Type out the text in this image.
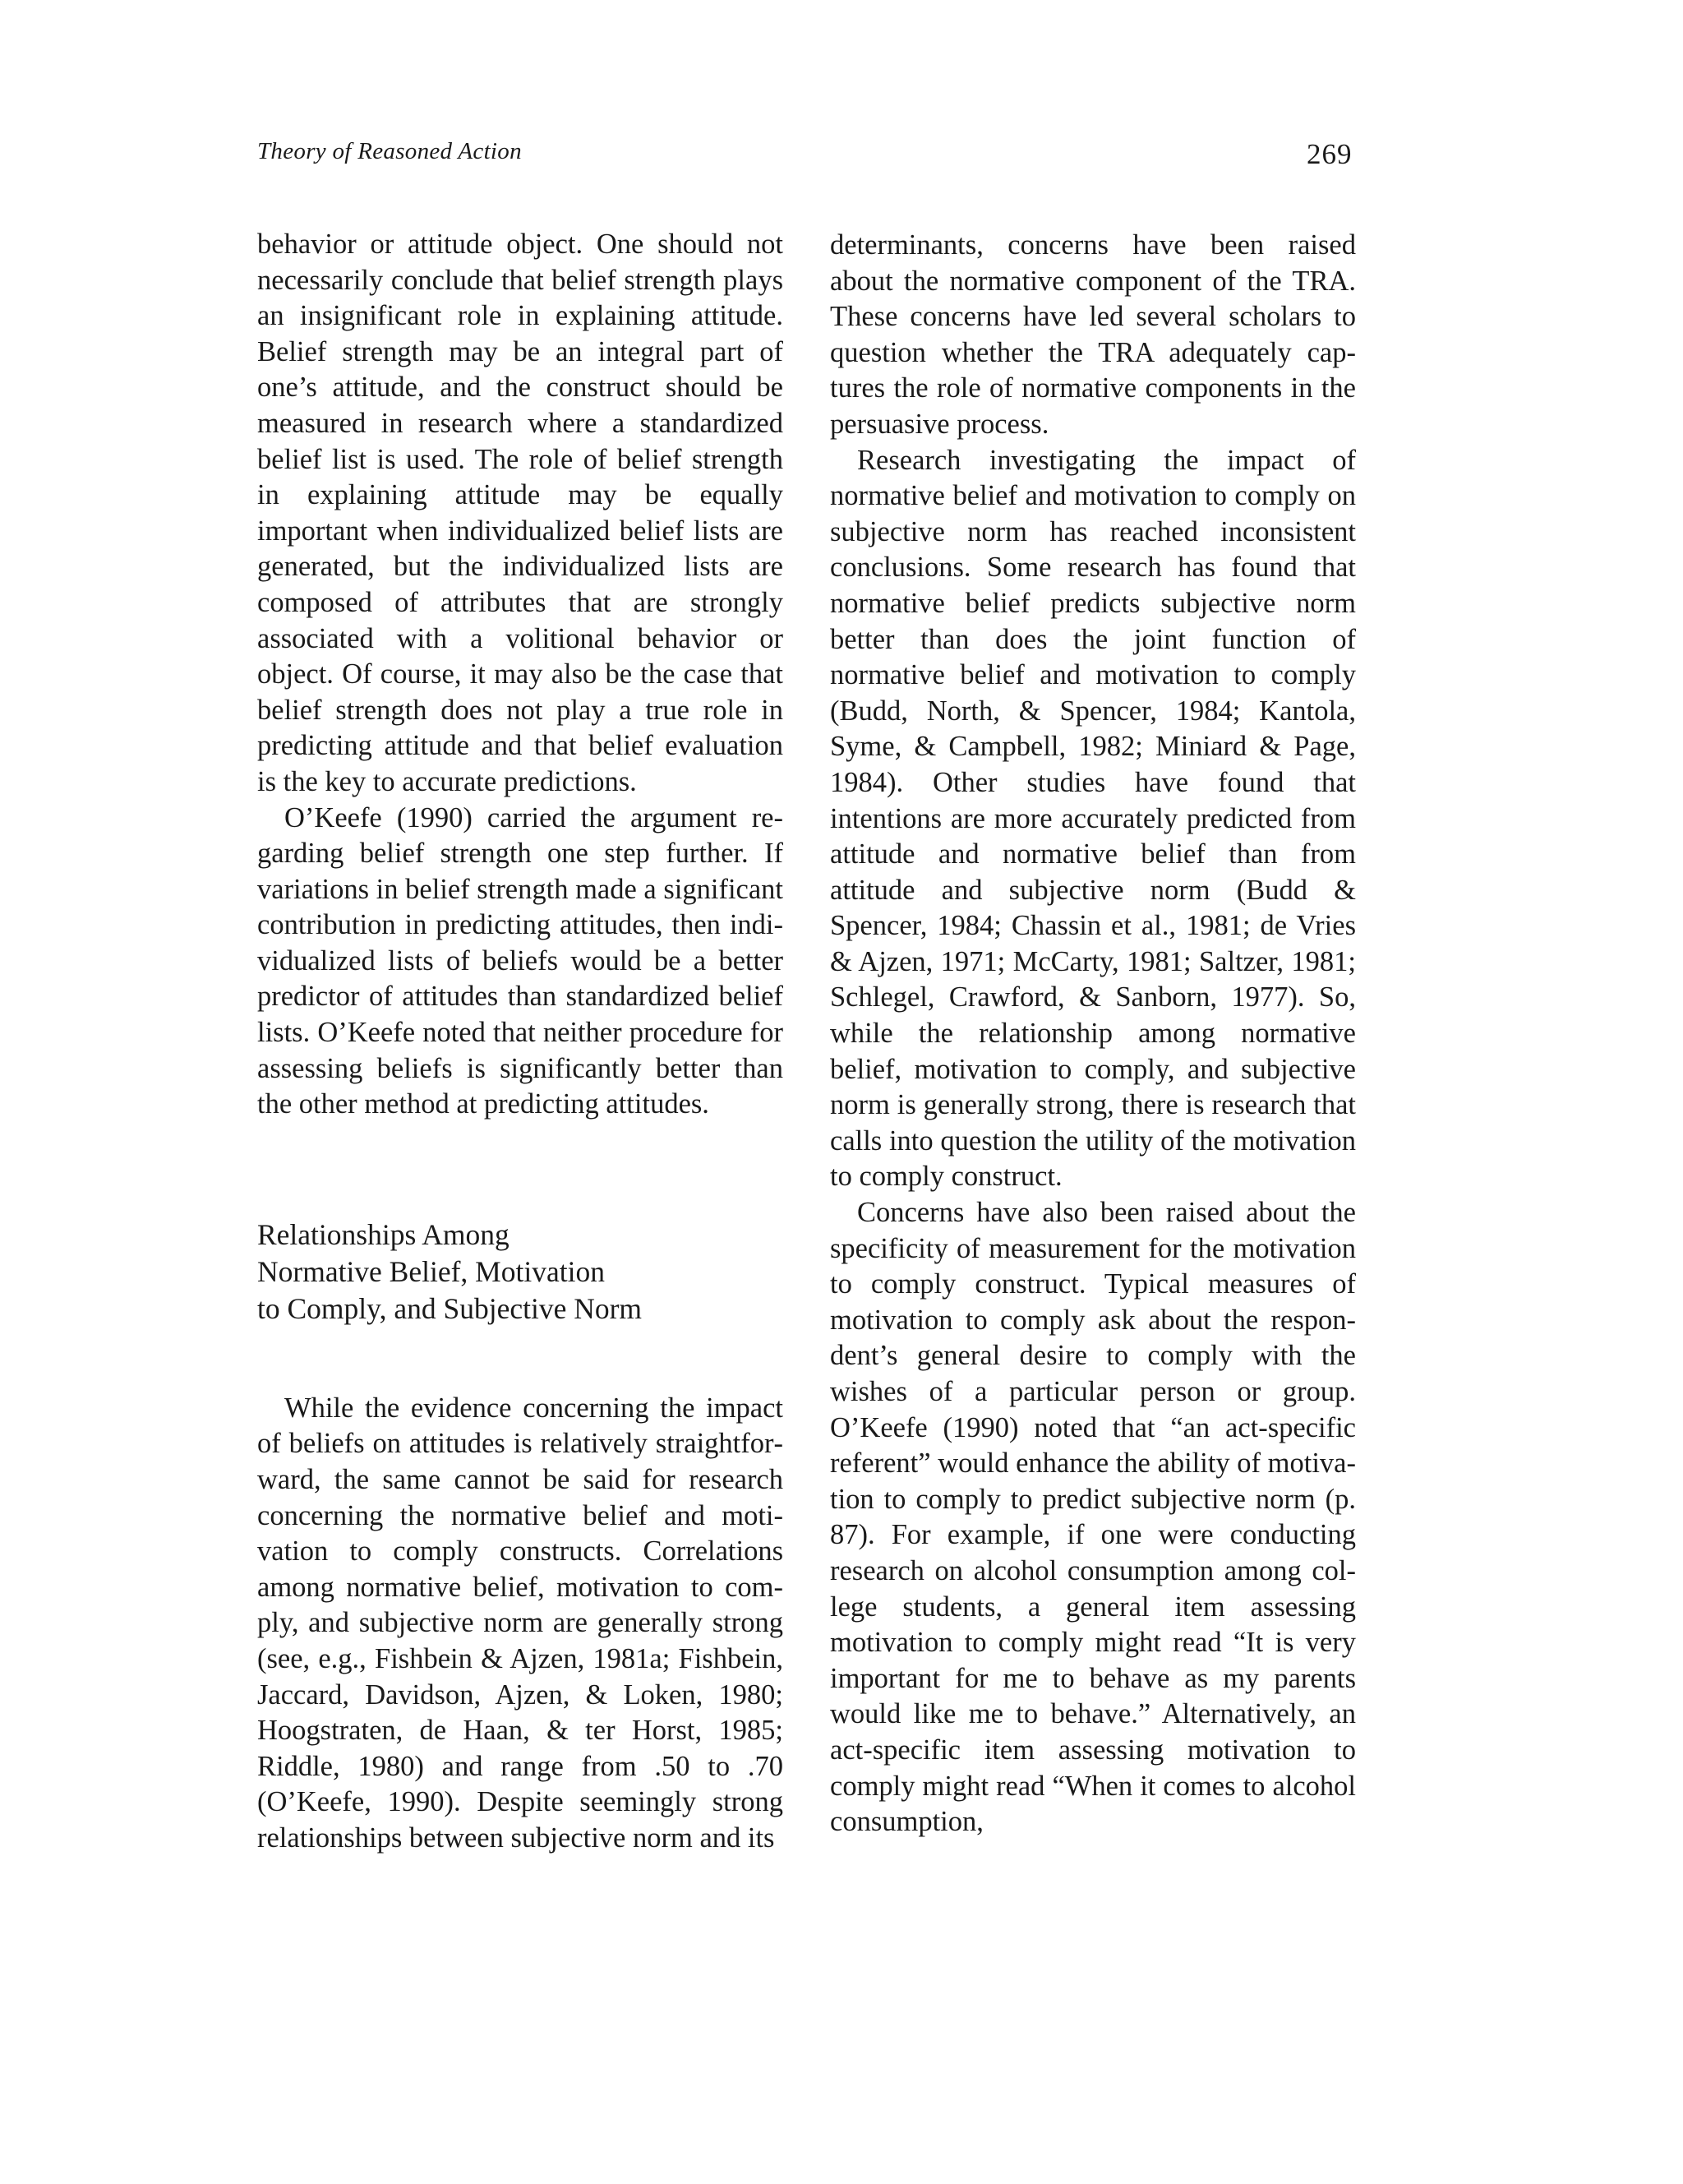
Theory of Reasoned Action	269

behavior or attitude object. One should not necessarily conclude that belief strength plays an insignificant role in explaining attitude. Belief strength may be an integral part of one’s attitude, and the construct should be measured in research where a standardized belief list is used. The role of belief strength in explaining attitude may be equally important when individualized belief lists are generated, but the individualized lists are composed of attributes that are strongly associated with a volitional behavior or object. Of course, it may also be the case that belief strength does not play a true role in predicting attitude and that belief evaluation is the key to accurate predictions.

O’Keefe (1990) carried the argument regarding belief strength one step further. If variations in belief strength made a significant contribution in predicting attitudes, then individualized lists of beliefs would be a better predictor of attitudes than standardized belief lists. O’Keefe noted that neither procedure for assessing beliefs is significantly better than the other method at predicting attitudes.

Relationships Among
Normative Belief, Motivation
to Comply, and Subjective Norm

While the evidence concerning the impact of beliefs on attitudes is relatively straightforward, the same cannot be said for research concerning the normative belief and motivation to comply constructs. Correlations among normative belief, motivation to comply, and subjective norm are generally strong (see, e.g., Fishbein & Ajzen, 1981a; Fishbein, Jaccard, Davidson, Ajzen, & Loken, 1980; Hoogstraten, de Haan, & ter Horst, 1985; Riddle, 1980) and range from .50 to .70 (O’Keefe, 1990). Despite seemingly strong relationships between subjective norm and its

determinants, concerns have been raised about the normative component of the TRA. These concerns have led several scholars to question whether the TRA adequately captures the role of normative components in the persuasive process.

Research investigating the impact of normative belief and motivation to comply on subjective norm has reached inconsistent conclusions. Some research has found that normative belief predicts subjective norm better than does the joint function of normative belief and motivation to comply (Budd, North, & Spencer, 1984; Kantola, Syme, & Campbell, 1982; Miniard & Page, 1984). Other studies have found that intentions are more accurately predicted from attitude and normative belief than from attitude and subjective norm (Budd & Spencer, 1984; Chassin et al., 1981; de Vries & Ajzen, 1971; McCarty, 1981; Saltzer, 1981; Schlegel, Crawford, & Sanborn, 1977). So, while the relationship among normative belief, motivation to comply, and subjective norm is generally strong, there is research that calls into question the utility of the motivation to comply construct.

Concerns have also been raised about the specificity of measurement for the motivation to comply construct. Typical measures of motivation to comply ask about the respondent’s general desire to comply with the wishes of a particular person or group. O’Keefe (1990) noted that “an act-specific referent” would enhance the ability of motivation to comply to predict subjective norm (p. 87). For example, if one were conducting research on alcohol consumption among college students, a general item assessing motivation to comply might read “It is very important for me to behave as my parents would like me to behave.” Alternatively, an act-specific item assessing motivation to comply might read “When it comes to alcohol consumption,
